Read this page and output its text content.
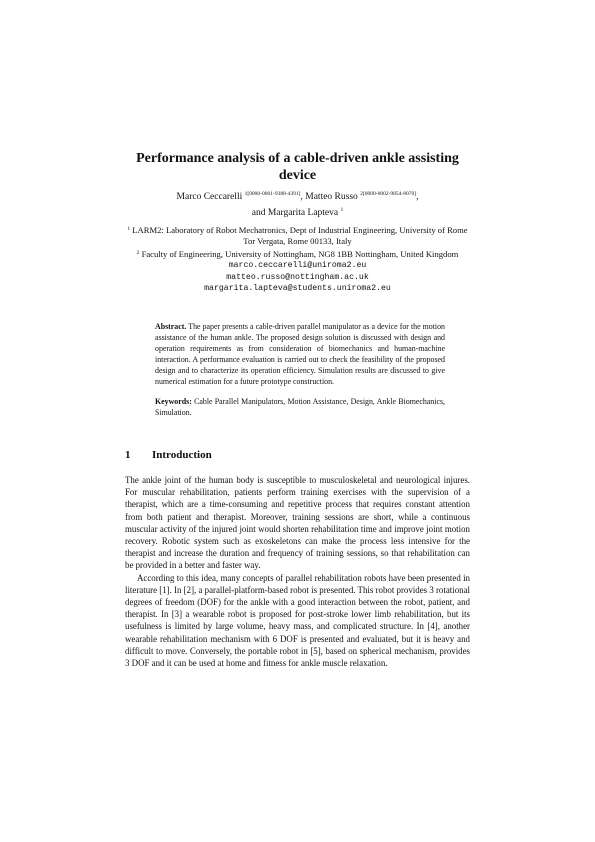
Performance analysis of a cable-driven ankle assisting device
Marco Ceccarelli $^{1[0000-0001-9388-4391]}$, Matteo Russo $^{2[0000-0002-9854-8070]}$,
and Margarita Lapteva $^1$
$^1$ LARM2: Laboratory of Robot Mechatronics, Dept of Industrial Engineering, University of Rome Tor Vergata, Rome 00133, Italy
$^2$ Faculty of Engineering, University of Nottingham, NG8 1BB Nottingham, United Kingdom
marco.ceccarelli@uniroma2.eu
matteo.russo@nottingham.ac.uk
margarita.lapteva@students.uniroma2.eu

Abstract. The paper presents a cable-driven parallel manipulator as a device for the motion assistance of the human ankle. The proposed design solution is discussed with design and operation requirements as from consideration of biomechanics and human-machine interaction. A performance evaluation is carried out to check the feasibility of the proposed design and to characterize its operation efficiency. Simulation results are discussed to give numerical estimation for a future prototype construction.

Keywords: Cable Parallel Manipulators, Motion Assistance, Design, Ankle Biomechanics, Simulation.

1 Introduction

The ankle joint of the human body is susceptible to musculoskeletal and neurological injures. For muscular rehabilitation, patients perform training exercises with the supervision of a therapist, which are a time-consuming and repetitive process that requires constant attention from both patient and therapist. Moreover, training sessions are short, while a continuous muscular activity of the injured joint would shorten rehabilitation time and improve joint motion recovery. Robotic system such as exoskeletons can make the process less intensive for the therapist and increase the duration and frequency of training sessions, so that rehabilitation can be provided in a better and faster way.

According to this idea, many concepts of parallel rehabilitation robots have been presented in literature [1]. In [2], a parallel-platform-based robot is presented. This robot provides 3 rotational degrees of freedom (DOF) for the ankle with a good interaction between the robot, patient, and therapist. In [3] a wearable robot is proposed for post-stroke lower limb rehabilitation, but its usefulness is limited by large volume, heavy mass, and complicated structure. In [4], another wearable rehabilitation mechanism with 6 DOF is presented and evaluated, but it is heavy and difficult to move. Conversely, the portable robot in [5], based on spherical mechanism, provides 3 DOF and it can be used at home and fitness for ankle muscle relaxation.
